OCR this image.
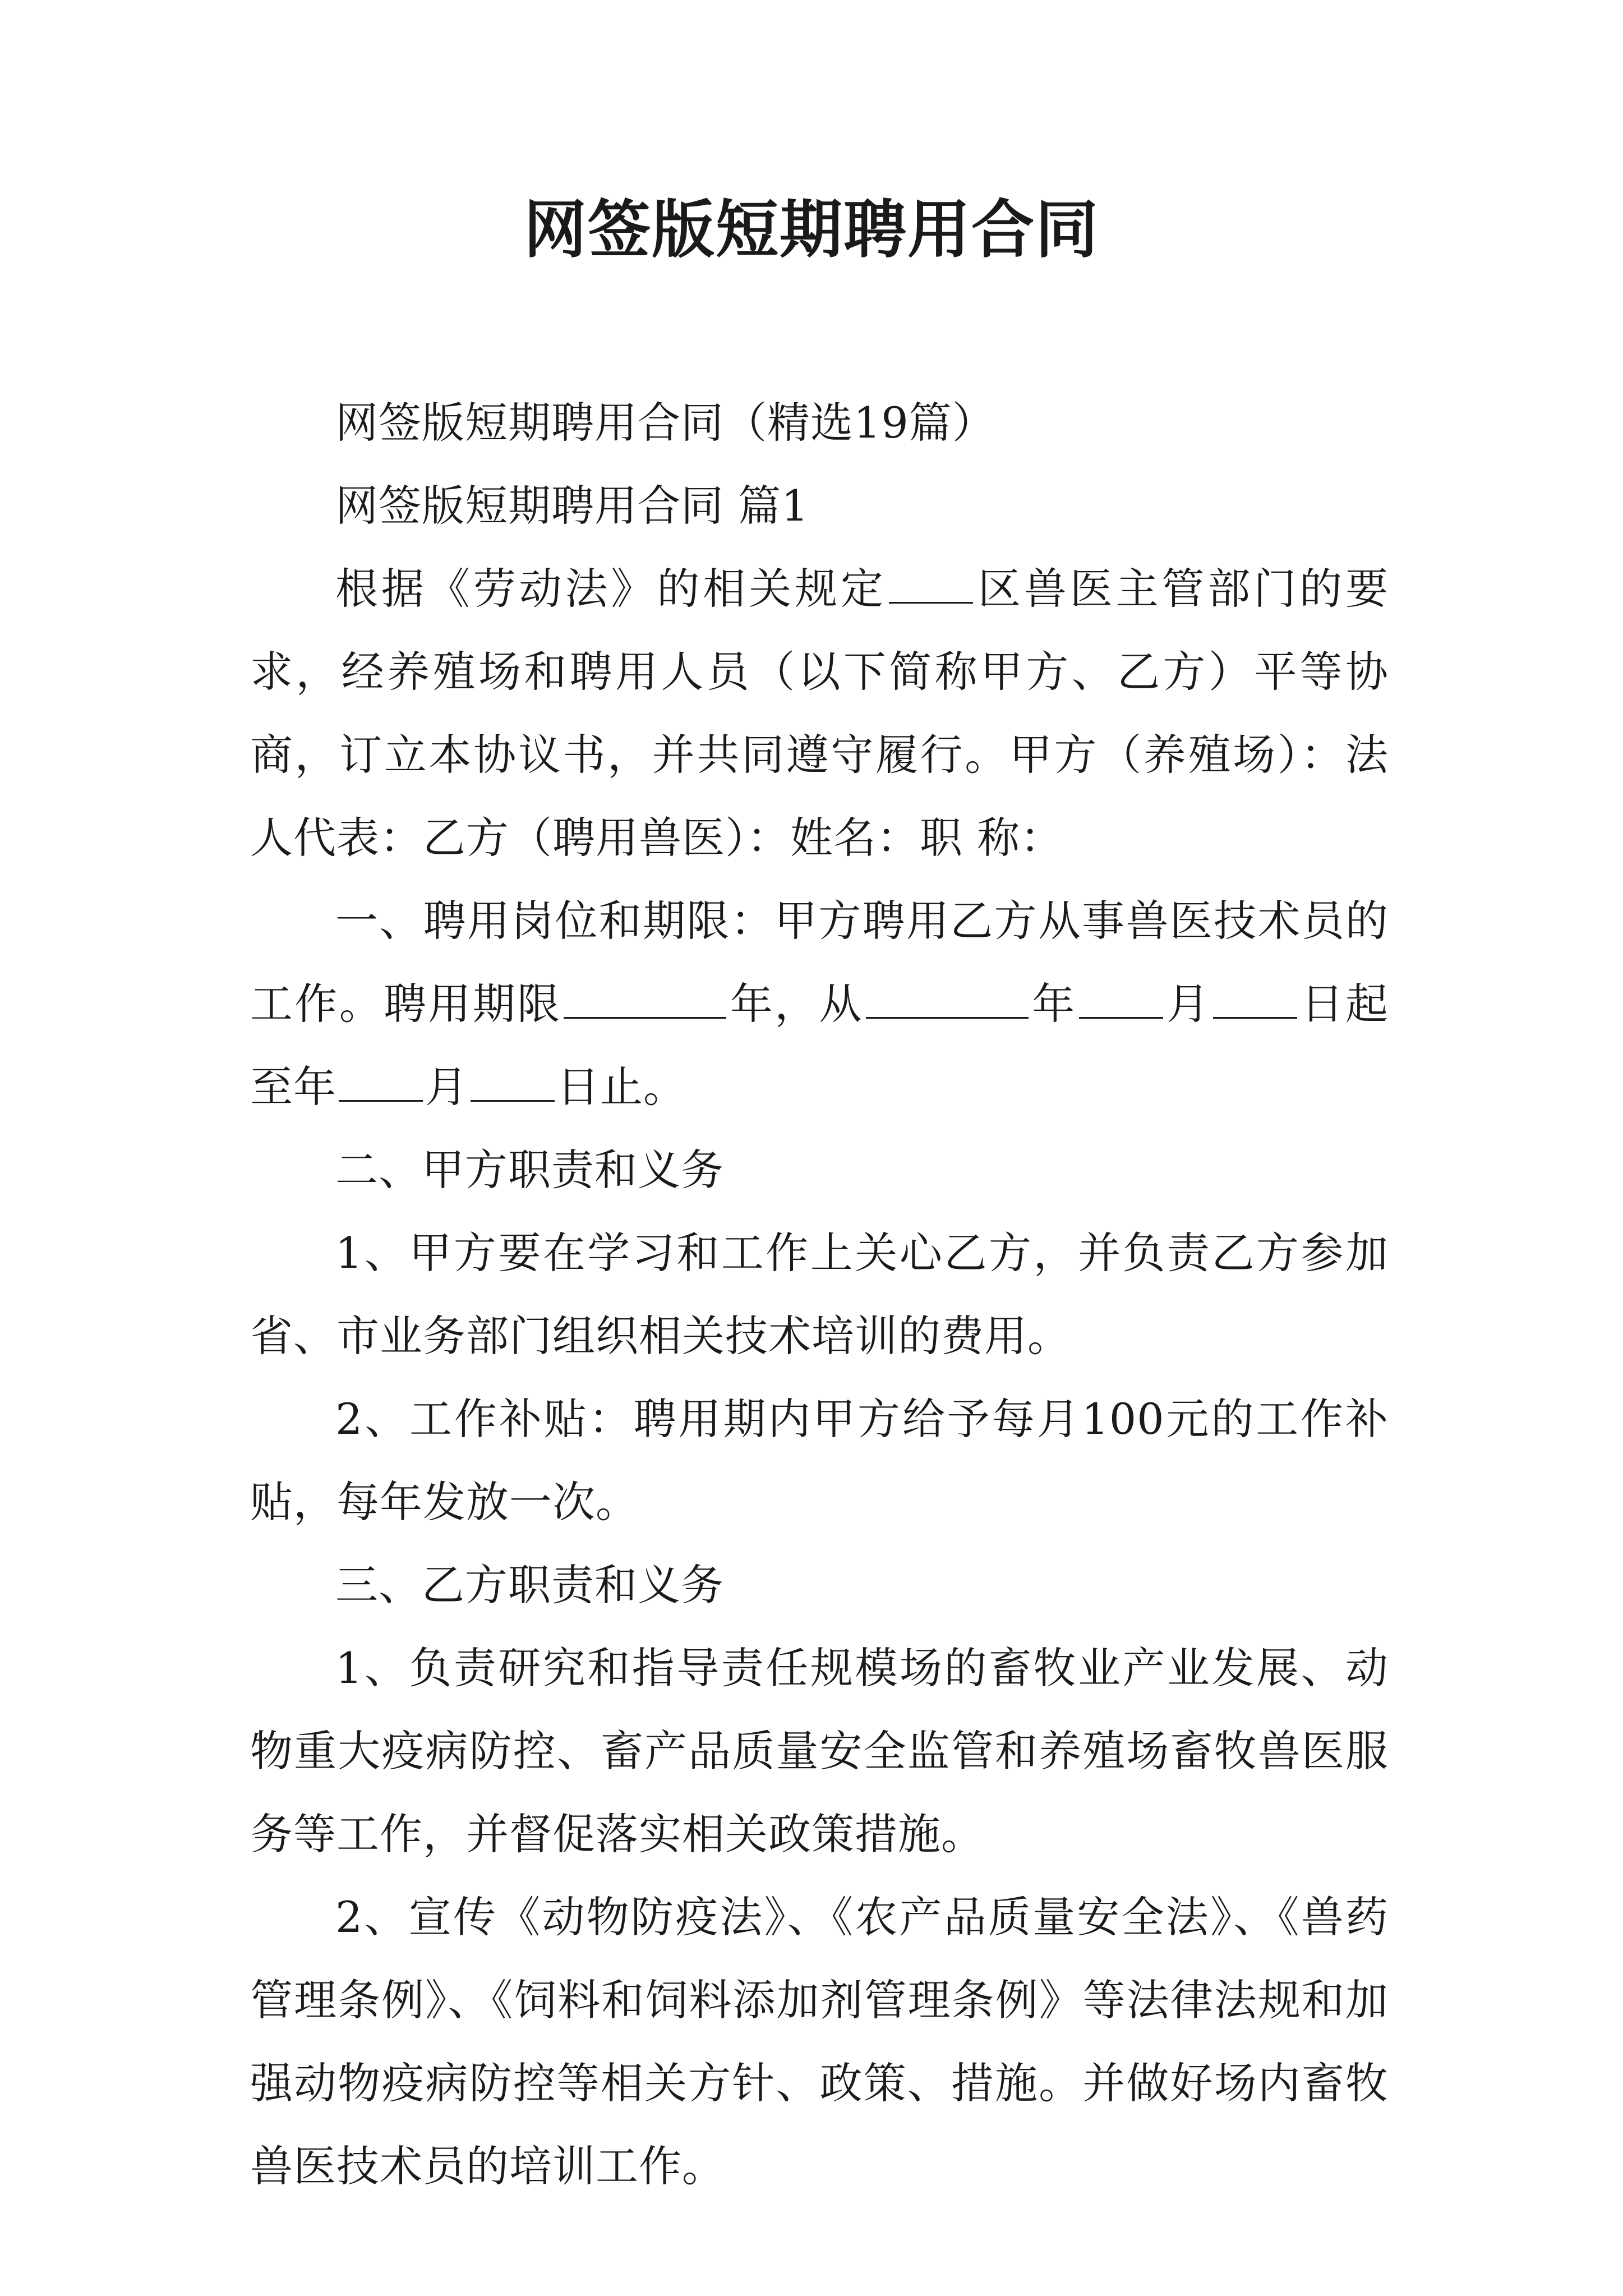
网签版短期聘用合同

网签版短期聘用合同（精选19篇）

网签版短期聘用合同 篇1

根据《劳动法》的相关规定 区兽医主管部门的要求，经养殖场和聘用人员（以下简称甲方、乙方）平等协商，订立本协议书，并共同遵守履行。甲方（养殖场）：法人代表：乙方（聘用兽医）：姓名：职 称：

一、聘用岗位和期限：甲方聘用乙方从事兽医技术员的工作。聘用期限	年，从	年 月 日起至年 月 日止。

二、甲方职责和义务

1、甲方要在学习和工作上关心乙方，并负责乙方参加省、市业务部门组织相关技术培训的费用。

2、工作补贴：聘用期内甲方给予每月100元的工作补贴，每年发放一次。

三、乙方职责和义务

1、负责研究和指导责任规模场的畜牧业产业发展、动物重大疫病防控、畜产品质量安全监管和养殖场畜牧兽医服务等工作，并督促落实相关政策措施。

2、宣传《动物防疫法》、《农产品质量安全法》、《兽药管理条例》、《饲料和饲料添加剂管理条例》等法律法规和加强动物疫病防控等相关方针、政策、措施。并做好场内畜牧兽医技术员的培训工作。
